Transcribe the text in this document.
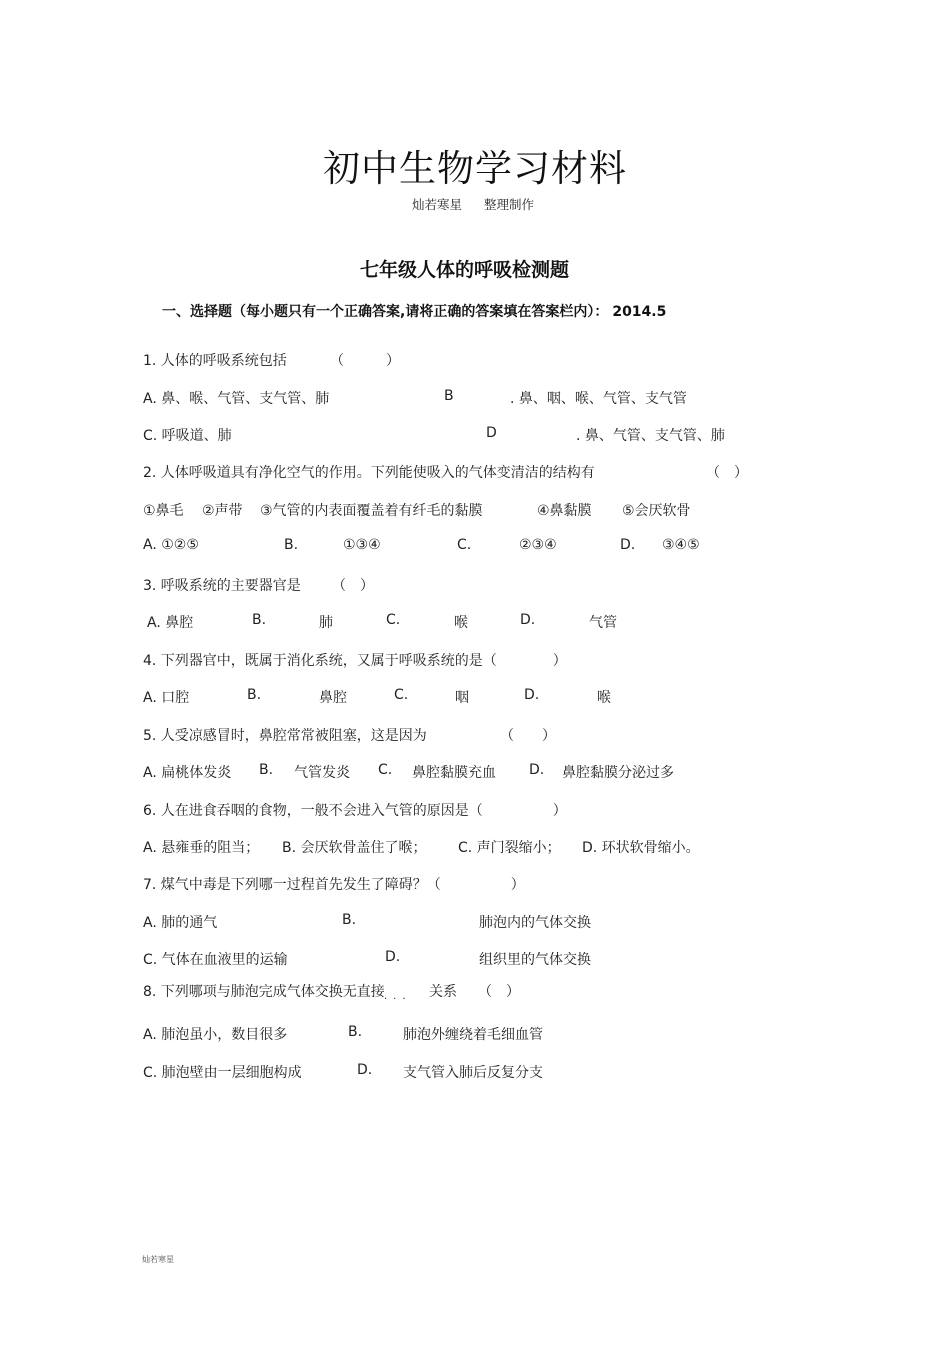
初中生物学习材料
灿若寒星 整理制作
七年级人体的呼吸检测题
一、选择题（每小题只有一个正确答案,请将正确的答案填在答案栏内）： 2014.5
1. 人体的呼吸系统包括	（　　　）
A. 鼻、喉、气管、支气管、肺	B	. 鼻、咽、喉、气管、支气管
C. 呼吸道、肺	D	. 鼻、气管、支气管、肺
2. 人体呼吸道具有净化空气的作用。下列能使吸入的气体变清洁的结构有	（　）
①鼻毛 ②声带 ③气管的内表面覆盖着有纤毛的黏膜	④鼻黏膜 ⑤会厌软骨
A. ①②⑤	B.	①③④	C.	②③④	D. ③④⑤
3. 呼吸系统的主要器官是 （　）
A. 鼻腔	B.	肺	C.	喉	D.	气管
4. 下列器官中，既属于消化系统，又属于呼吸系统的是（　　　　）
A. 口腔	B.	鼻腔	C.	咽	D.	喉
5. 人受凉感冒时，鼻腔常常被阻塞，这是因为	（　　）
A. 扁桃体发炎 B. 气管发炎 C. 鼻腔黏膜充血 D. 鼻腔黏膜分泌过多
6. 人在进食吞咽的食物，一般不会进入气管的原因是（　　　　　）
A. 悬雍垂的阻当； B. 会厌软骨盖住了喉； C. 声门裂缩小； D. 环状软骨缩小。
7. 煤气中毒是下列哪一过程首先发生了障碍？（　　　　　）
A. 肺的通气	B.	肺泡内的气体交换
C. 气体在血液里的运输	D.	组织里的气体交换
8. 下列哪项与肺泡完成气体交换无直接	关系 （　）
···
A. 肺泡虽小，数目很多	B.	肺泡外缠绕着毛细血管
C. 肺泡壁由一层细胞构成	D. 支气管入肺后反复分支
灿若寒星
